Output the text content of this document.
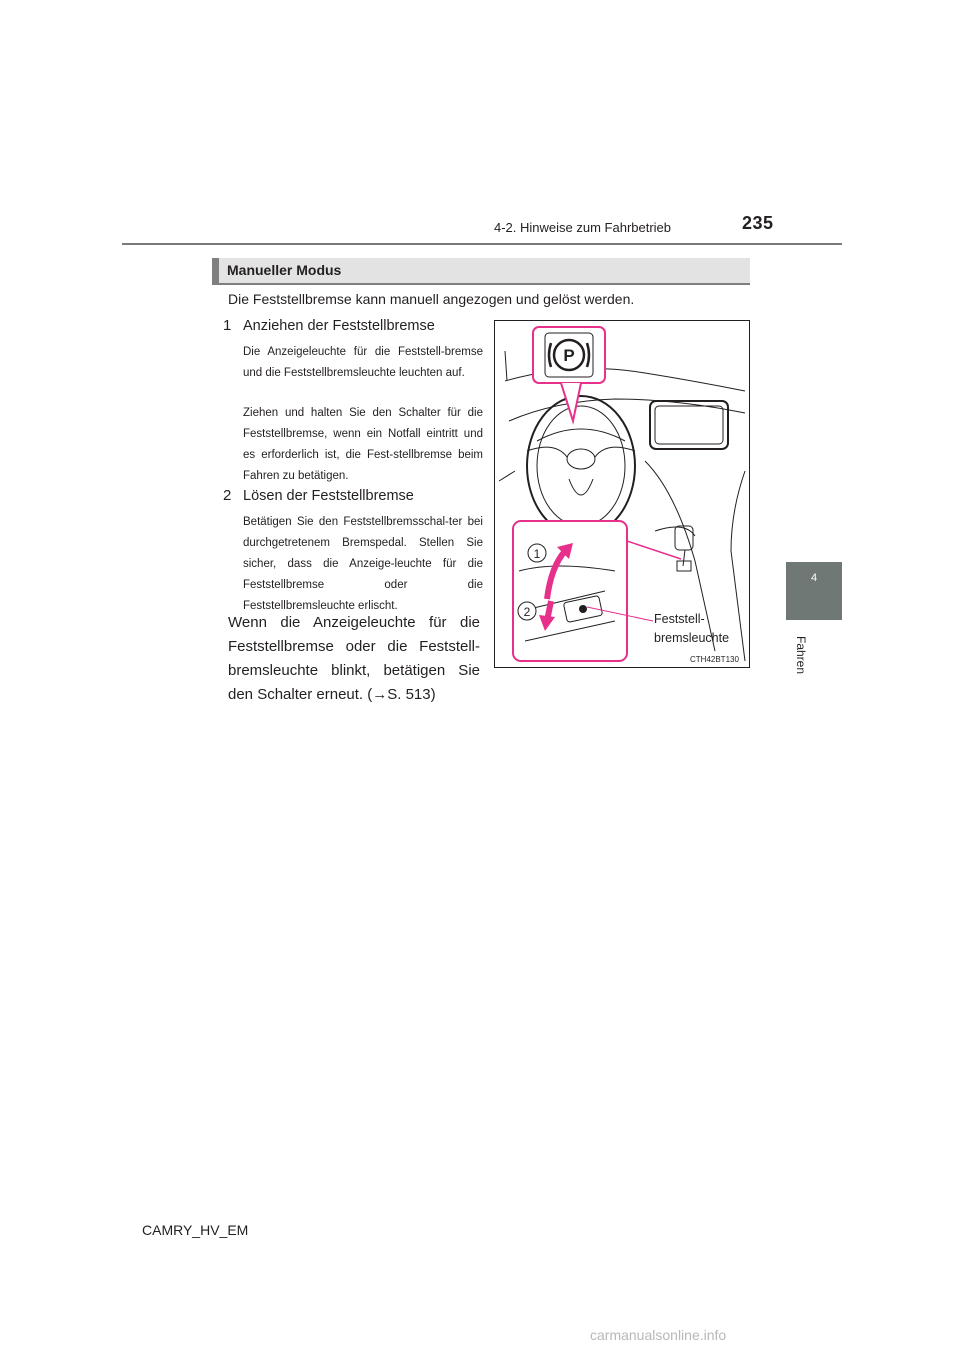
4-2. Hinweise zum Fahrbetrieb	235
4
Fahren
Manueller Modus
Die Feststellbremse kann manuell angezogen und gelöst werden.
1 Anziehen der Feststellbremse
Die Anzeigeleuchte für die Feststell-bremse und die Feststellbremsleuchte leuchten auf.
Ziehen und halten Sie den Schalter für die Feststellbremse, wenn ein Notfall eintritt und es erforderlich ist, die Fest-stellbremse beim Fahren zu betätigen.
2 Lösen der Feststellbremse
Betätigen Sie den Feststellbremsschal-ter bei durchgetretenem Bremspedal. Stellen Sie sicher, dass die Anzeige-leuchte für die Feststellbremse oder die Feststellbremsleuchte erlischt.
Wenn die Anzeigeleuchte für die Feststellbremse oder die Feststell-bremsleuchte blinkt, betätigen Sie den Schalter erneut. (→S. 513)
P
1
2	Feststell-
bremsleuchte
CTH42BT130
CAMRY_HV_EM
carmanualsonline.info
